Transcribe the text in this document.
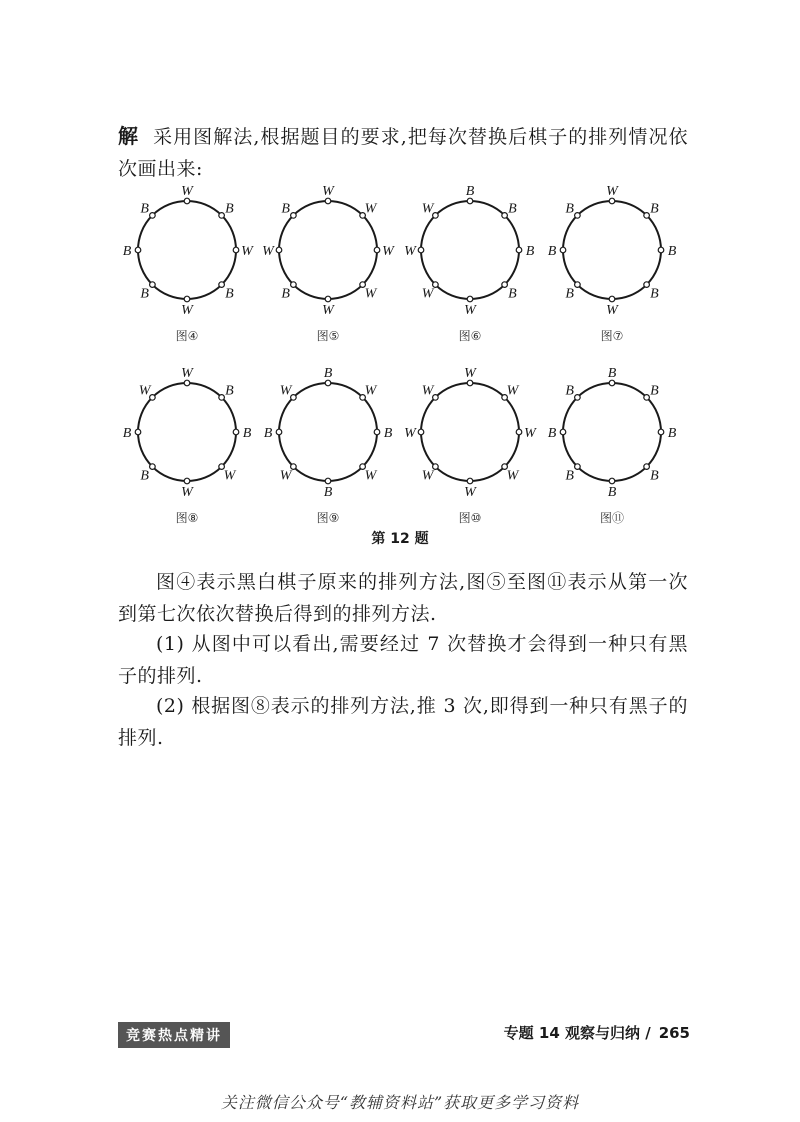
解 采用图解法,根据题目的要求,把每次替换后棋子的排列情况依次画出来:

W
B
W
B
W
B
B
B
图④
W
W
W
W
W
B
W
B
图⑤
B
B
B
B
W
W
W
W
图⑥
W
B
B
B
W
B
B
B
图⑦
W
B
B
W
W
B
B
W
图⑧
B
W
B
W
B
W
B
W
图⑨
W
W
W
W
W
W
W
W
图⑩
B
B
B
B
B
B
B
B
图⑪
第 12 题

图④表示黑白棋子原来的排列方法,图⑤至图⑪表示从第一次到第七次依次替换后得到的排列方法.

(1) 从图中可以看出,需要经过 7 次替换才会得到一种只有黑子的排列.

(2) 根据图⑧表示的排列方法,推 3 次,即得到一种只有黑子的排列.

竞赛热点精讲	专题 14 观察与归纳 / 265
关注微信公众号“教辅资料站”获取更多学习资料
